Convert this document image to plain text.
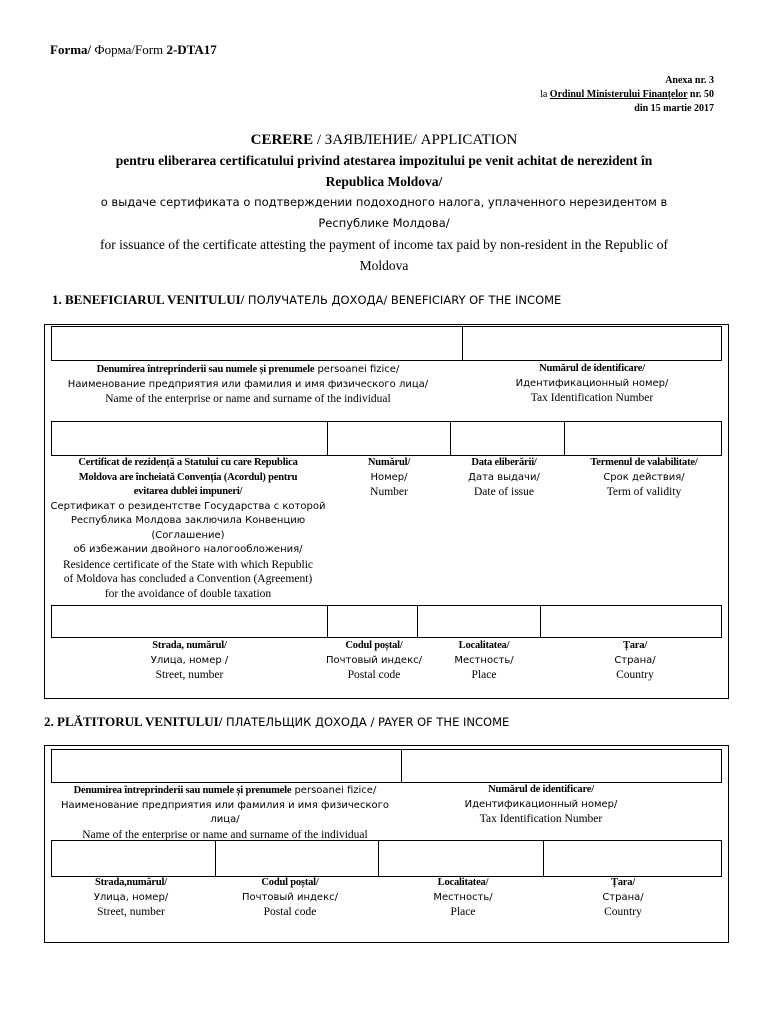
Forma/ Форма/Form 2-DTA17
Anexa nr. 3
la Ordinul Ministerului Finanțelor nr. 50
din 15 martie 2017
CERERE / ЗАЯВЛЕНИЕ/ APPLICATION
pentru eliberarea certificatului privind atestarea impozitului pe venit achitat de nerezident în
Republica Moldova/
о выдаче сертификата о подтверждении подоходного налога, уплаченного нерезидентом в
Республике Молдова/
for issuance of the certificate attesting the payment of income tax paid by non-resident in the Republic of
Moldova
1. BENEFICIARUL VENITULUI/ ПОЛУЧАТЕЛЬ ДОХОДА/ BENEFICIARY OF THE INCOME
Denumirea întreprinderii sau numele și prenumele persoanei fizice/
Наименование предприятия или фамилия и имя физического лица/
Name of the enterprise or name and surname of the individual
Numărul de identificare/
Идентификационный номер/
Tax Identification Number
Certificat de rezidență a Statului cu care Republica
Moldova are încheiată Convenția (Acordul) pentru
evitarea dublei impuneri/
Сертификат о резидентстве Государства с которой
Республика Молдова заключила Конвенцию (Соглашение)
об избежании двойного налогообложения/
Residence certificate of the State with which Republic
of Moldova has concluded a Convention (Agreement)
for the avoidance of double taxation
Numărul/
Номер/
Number
Data eliberării/
Дата выдачи/
Date of issue
Termenul de valabilitate/
Срок действия/
Term of validity
Strada, numărul/
Улица, номер /
Street, number
Codul poștal/
Почтовый индекс/
Postal code
Localitatea/
Местность/
Place
Țara/
Страна/
Country
2. PLĂTITORUL VENITULUI/ ПЛАТЕЛЬЩИК ДОХОДА / PAYER OF THE INCOME
Denumirea întreprinderii sau numele și prenumele persoanei fizice/
Наименование предприятия или фамилия и имя физического лица/
Name of the enterprise or name and surname of the individual
Numărul de identificare/
Идентификационный номер/
Tax Identification Number
Strada,numărul/
Улица, номер/
Street, number
Codul poștal/
Почтовый индекс/
Postal code
Localitatea/
Местность/
Place
Țara/
Страна/
Country
